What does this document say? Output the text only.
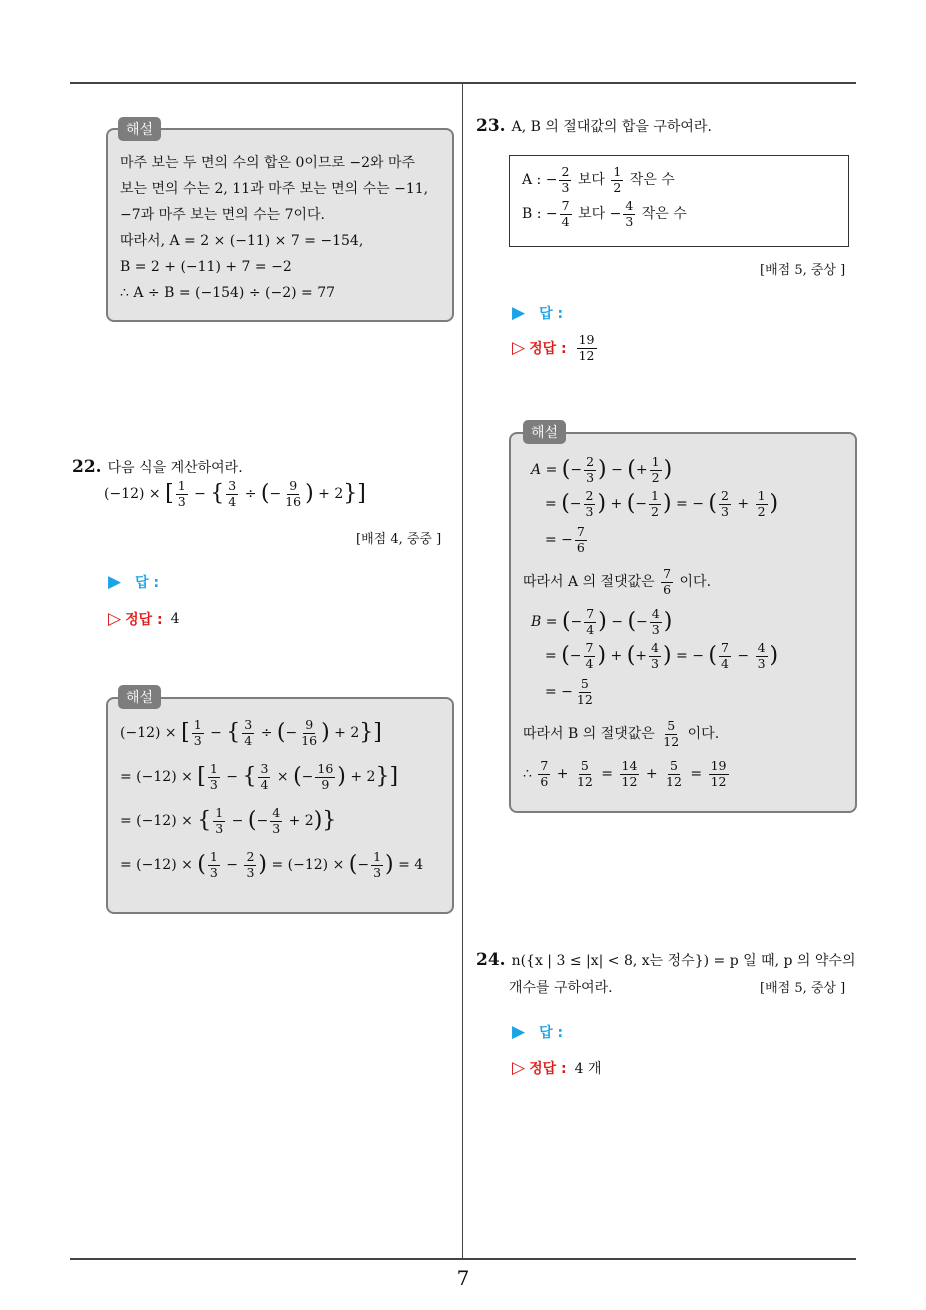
7
마주 보는 두 면의 수의 합은 0이므로 −2와 마주
보는 면의 수는 2, 11과 마주 보는 면의 수는 −11,
−7과 마주 보는 면의 수는 7이다.
따라서, A = 2 × (−11) × 7 = −154,
B = 2 + (−11) + 7 = −2
∴ A ÷ B = (−154) ÷ (−2) = 77
해설
22. 다음 식을 계산하여라.
(−12) × [ $\frac{1}{3}$ − { $\frac{3}{4}$ ÷ (− $\frac{9}{16}$ ) + 2}]
[배점 4, 중중 ]
▶ 답 :
▷ 정답 : 4
(−12) × [ $\frac{1}{3}$ − { $\frac{3}{4}$ ÷ (− $\frac{9}{16}$ ) + 2}]
= (−12) × [ $\frac{1}{3}$ − { $\frac{3}{4}$ × (− $\frac{16}{9}$ ) + 2}]
= (−12) × { $\frac{1}{3}$ − (− $\frac{4}{3} + 2$)}
= (−12) × ( $\frac{1}{3} - \frac{2}{3}$ ) = (−12) × (− $\frac{1}{3}$ ) = 4
해설
23. A, B 의 절대값의 합을 구하여라.
A : − $\frac{2}{3}$ 보다 $\frac{1}{2}$ 작은 수
B : − $\frac{7}{4}$ 보다 − $\frac{4}{3}$ 작은 수
[배점 5, 중상 ]
▶ 답 :
▷ 정답 : $\frac{19}{12}$
A = (− $\frac{2}{3}$ ) − (+ $\frac{1}{2}$ )
= (− $\frac{2}{3}$ ) + (− $\frac{1}{2}$ ) = − ( $\frac{2}{3} + \frac{1}{2}$ )
= − $\frac{7}{6}$
따라서 A 의 절댓값은 $\frac{7}{6}$ 이다.
B = (− $\frac{7}{4}$ ) − (− $\frac{4}{3}$ )
= (− $\frac{7}{4}$ ) + (+ $\frac{4}{3}$ ) = − ( $\frac{7}{4} - \frac{4}{3}$ )
= − $\frac{5}{12}$
따라서 B 의 절댓값은 $\frac{5}{12}$ 이다.
∴ $\frac{7}{6} + \frac{5}{12} = \frac{14}{12} + \frac{5}{12} = \frac{19}{12}$
해설
24. n({x | 3 ≤ |x| < 8, x는 정수}) = p 일 때, p 의 약수의
개수를 구하여라.	[배점 5, 중상 ]
▶ 답 :
▷ 정답 : 4 개
